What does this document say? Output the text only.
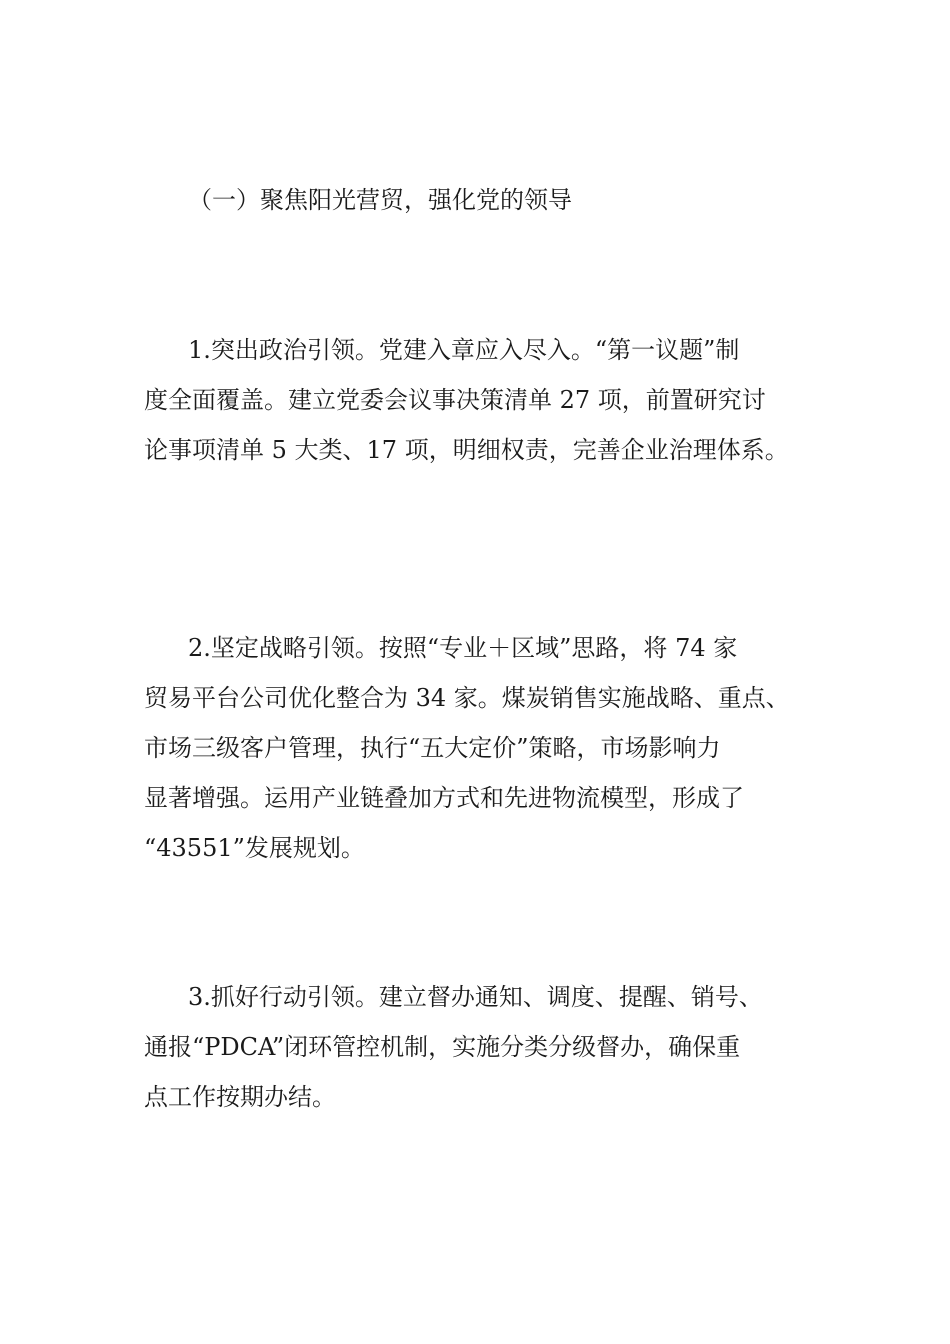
（一）聚焦阳光营贸，强化党的领导
1.突出政治引领。党建入章应入尽入。“第一议题”制
度全面覆盖。建立党委会议事决策清单 27 项，前置研究讨
论事项清单 5 大类、17 项，明细权责，完善企业治理体系。
2.坚定战略引领。按照“专业＋区域”思路，将 74 家
贸易平台公司优化整合为 34 家。煤炭销售实施战略、重点、
市场三级客户管理，执行“五大定价”策略，市场影响力
显著增强。运用产业链叠加方式和先进物流模型，形成了
“43551”发展规划。
3.抓好行动引领。建立督办通知、调度、提醒、销号、
通报“PDCA”闭环管控机制，实施分类分级督办，确保重
点工作按期办结。
